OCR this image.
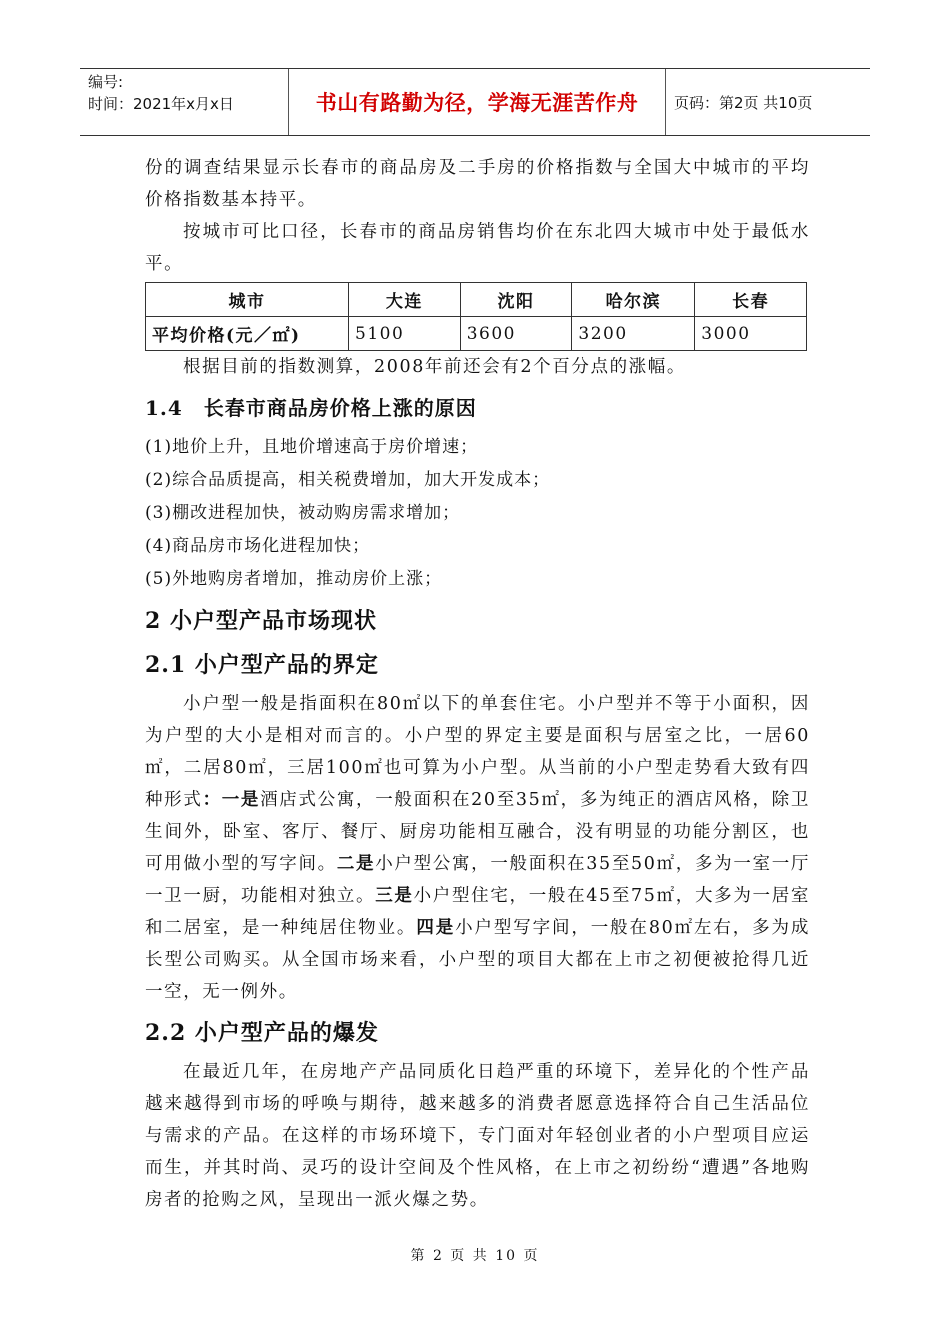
编号:
时间：2021年x月x日	书山有路勤为径，学海无涯苦作舟	页码：第2页 共10页

份的调查结果显示长春市的商品房及二手房的价格指数与全国大中城市的平均价格指数基本持平。

按城市可比口径，长春市的商品房销售均价在东北四大城市中处于最低水平。

城市	大连	沈阳	哈尔滨	长春
平均价格(元／㎡)	5100	3600	3200	3000

根据目前的指数测算，2008年前还会有2个百分点的涨幅。

1.4　长春市商品房价格上涨的原因

(1)地价上升，且地价增速高于房价增速；

(2)综合品质提高，相关税费增加，加大开发成本；

(3)棚改进程加快，被动购房需求增加；

(4)商品房市场化进程加快；

(5)外地购房者增加，推动房价上涨；

2 小户型产品市场现状
2.1 小户型产品的界定

小户型一般是指面积在80㎡以下的单套住宅。小户型并不等于小面积，因为户型的大小是相对而言的。小户型的界定主要是面积与居室之比，一居60㎡，二居80㎡，三居100㎡也可算为小户型。从当前的小户型走势看大致有四种形式：一是酒店式公寓，一般面积在20至35㎡，多为纯正的酒店风格，除卫生间外，卧室、客厅、餐厅、厨房功能相互融合，没有明显的功能分割区，也可用做小型的写字间。二是小户型公寓，一般面积在35至50㎡，多为一室一厅一卫一厨，功能相对独立。三是小户型住宅，一般在45至75㎡，大多为一居室和二居室，是一种纯居住物业。四是小户型写字间，一般在80㎡左右，多为成长型公司购买。从全国市场来看，小户型的项目大都在上市之初便被抢得几近一空，无一例外。

2.2 小户型产品的爆发

在最近几年，在房地产产品同质化日趋严重的环境下，差异化的个性产品越来越得到市场的呼唤与期待，越来越多的消费者愿意选择符合自己生活品位与需求的产品。在这样的市场环境下，专门面对年轻创业者的小户型项目应运而生，并其时尚、灵巧的设计空间及个性风格，在上市之初纷纷“遭遇”各地购房者的抢购之风，呈现出一派火爆之势。

第 2 页 共 10 页
